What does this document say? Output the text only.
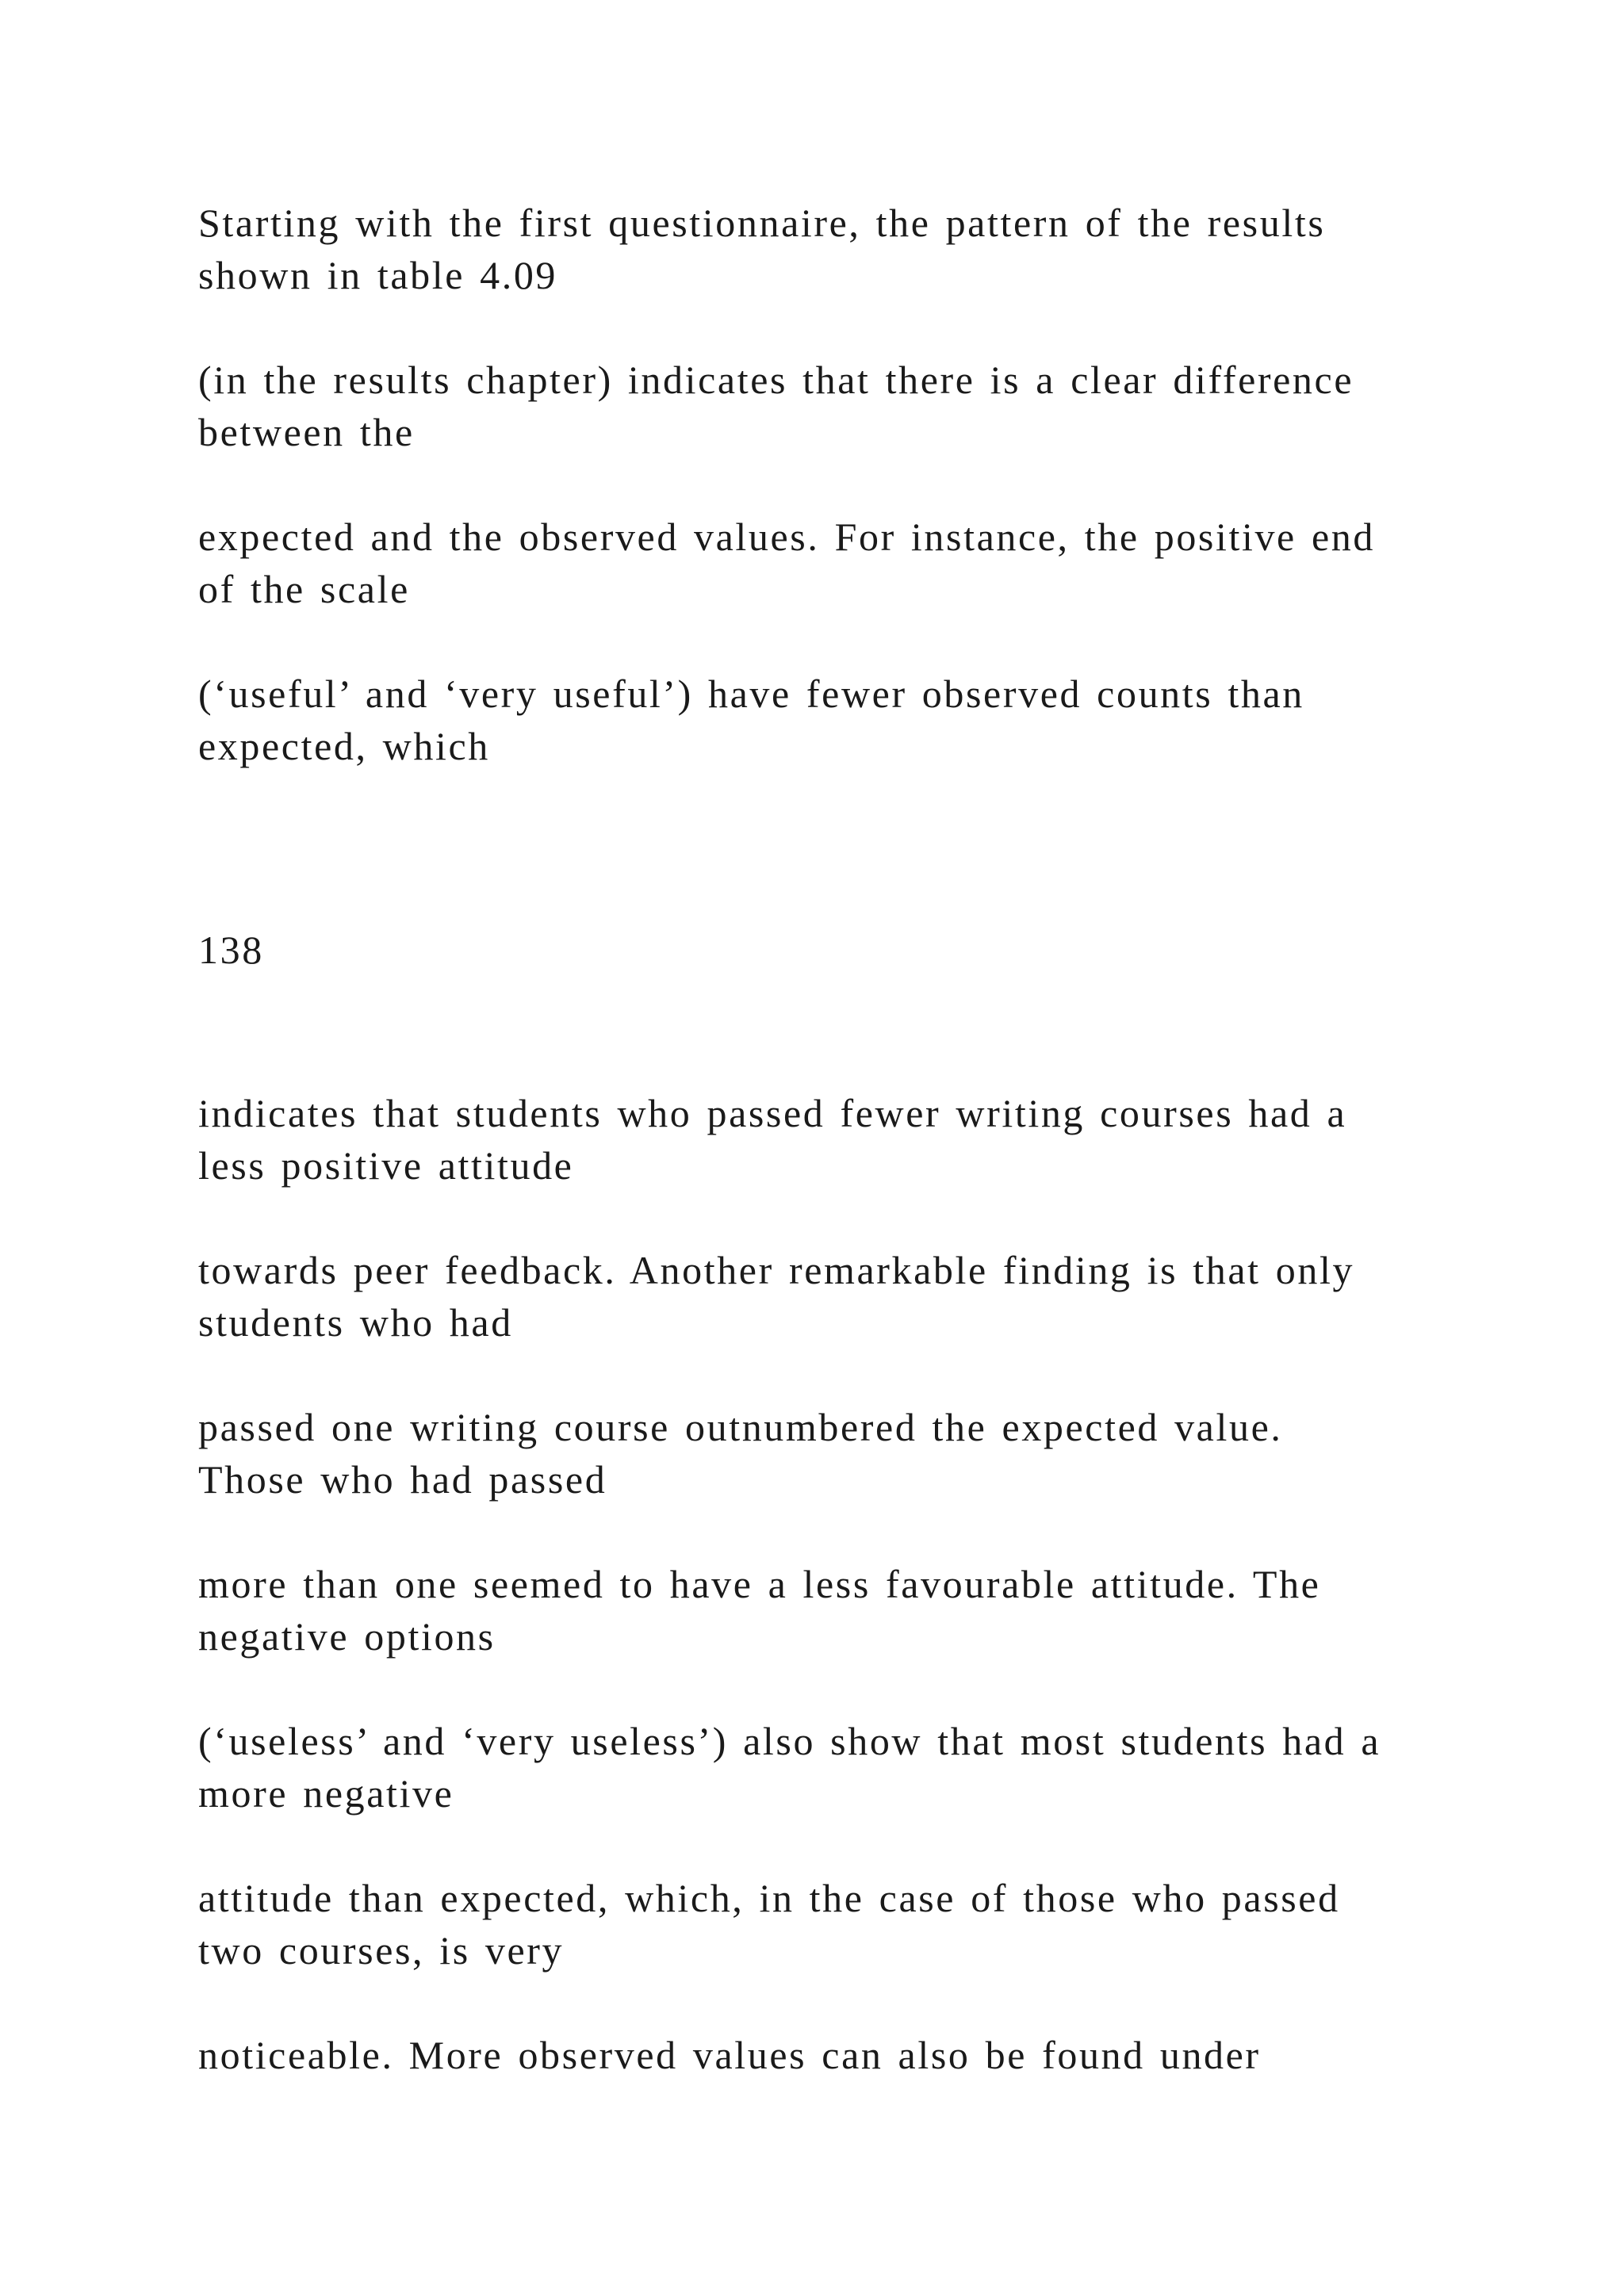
Starting with the first questionnaire, the pattern of the results
shown in table 4.09

(in the results chapter) indicates that there is a clear difference
between the

expected and the observed values. For instance, the positive end
of the scale

(‘useful’ and ‘very useful’) have fewer observed counts than
expected, which

138

indicates that students who passed fewer writing courses had a
less positive attitude

towards peer feedback. Another remarkable finding is that only
students who had

passed one writing course outnumbered the expected value.
Those who had passed

more than one seemed to have a less favourable attitude. The
negative options

(‘useless’ and ‘very useless’) also show that most students had a
more negative

attitude than expected, which, in the case of those who passed
two courses, is very

noticeable. More observed values can also be found under
